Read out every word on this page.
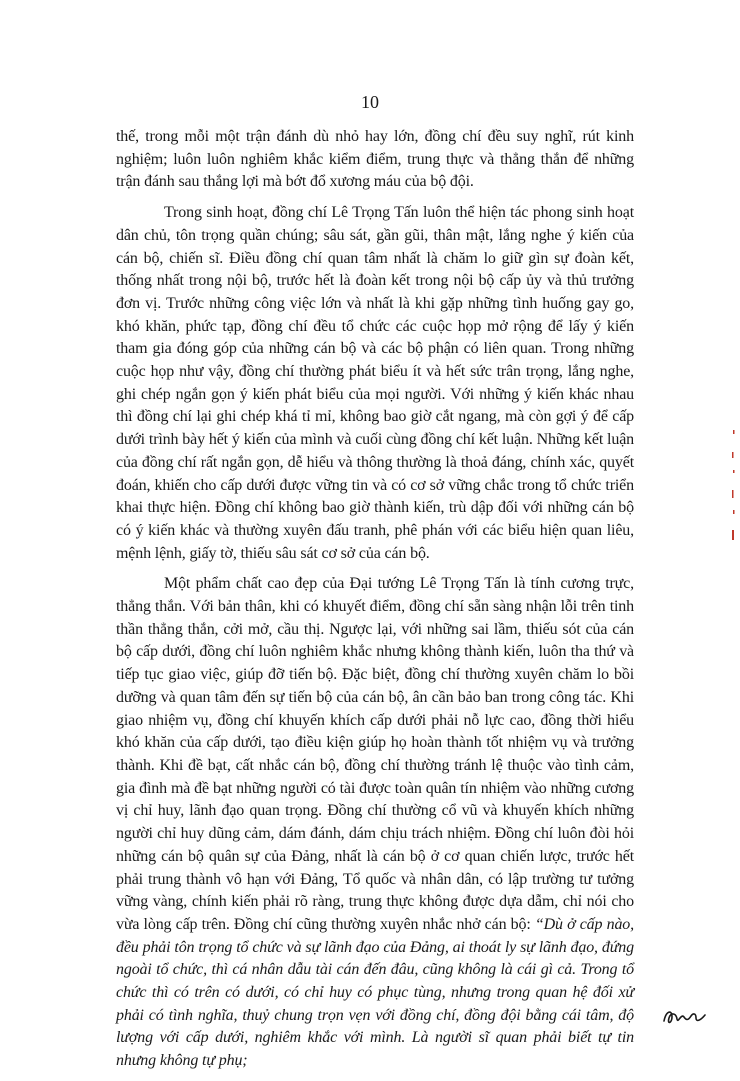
10

thế, trong mỗi một trận đánh dù nhỏ hay lớn, đồng chí đều suy nghĩ, rút kinh nghiệm; luôn luôn nghiêm khắc kiểm điểm, trung thực và thẳng thắn để những trận đánh sau thắng lợi mà bớt đổ xương máu của bộ đội.

Trong sinh hoạt, đồng chí Lê Trọng Tấn luôn thể hiện tác phong sinh hoạt dân chủ, tôn trọng quần chúng; sâu sát, gần gũi, thân mật, lắng nghe ý kiến của cán bộ, chiến sĩ. Điều đồng chí quan tâm nhất là chăm lo giữ gìn sự đoàn kết, thống nhất trong nội bộ, trước hết là đoàn kết trong nội bộ cấp ủy và thủ trưởng đơn vị. Trước những công việc lớn và nhất là khi gặp những tình huống gay go, khó khăn, phức tạp, đồng chí đều tổ chức các cuộc họp mở rộng để lấy ý kiến tham gia đóng góp của những cán bộ và các bộ phận có liên quan. Trong những cuộc họp như vậy, đồng chí thường phát biểu ít và hết sức trân trọng, lắng nghe, ghi chép ngắn gọn ý kiến phát biểu của mọi người. Với những ý kiến khác nhau thì đồng chí lại ghi chép khá tỉ mỉ, không bao giờ cắt ngang, mà còn gợi ý để cấp dưới trình bày hết ý kiến của mình và cuối cùng đồng chí kết luận. Những kết luận của đồng chí rất ngắn gọn, dễ hiểu và thông thường là thoả đáng, chính xác, quyết đoán, khiến cho cấp dưới được vững tin và có cơ sở vững chắc trong tổ chức triển khai thực hiện. Đồng chí không bao giờ thành kiến, trù dập đối với những cán bộ có ý kiến khác và thường xuyên đấu tranh, phê phán với các biểu hiện quan liêu, mệnh lệnh, giấy tờ, thiếu sâu sát cơ sở của cán bộ.

Một phẩm chất cao đẹp của Đại tướng Lê Trọng Tấn là tính cương trực, thẳng thắn. Với bản thân, khi có khuyết điểm, đồng chí sẵn sàng nhận lỗi trên tinh thần thẳng thắn, cởi mở, cầu thị. Ngược lại, với những sai lầm, thiếu sót của cán bộ cấp dưới, đồng chí luôn nghiêm khắc nhưng không thành kiến, luôn tha thứ và tiếp tục giao việc, giúp đỡ tiến bộ. Đặc biệt, đồng chí thường xuyên chăm lo bồi dưỡng và quan tâm đến sự tiến bộ của cán bộ, ân cần bảo ban trong công tác. Khi giao nhiệm vụ, đồng chí khuyến khích cấp dưới phải nỗ lực cao, đồng thời hiểu khó khăn của cấp dưới, tạo điều kiện giúp họ hoàn thành tốt nhiệm vụ và trưởng thành. Khi đề bạt, cất nhắc cán bộ, đồng chí thường tránh lệ thuộc vào tình cảm, gia đình mà đề bạt những người có tài được toàn quân tín nhiệm vào những cương vị chỉ huy, lãnh đạo quan trọng. Đồng chí thường cổ vũ và khuyến khích những người chỉ huy dũng cảm, dám đánh, dám chịu trách nhiệm. Đồng chí luôn đòi hỏi những cán bộ quân sự của Đảng, nhất là cán bộ ở cơ quan chiến lược, trước hết phải trung thành vô hạn với Đảng, Tổ quốc và nhân dân, có lập trường tư tưởng vững vàng, chính kiến phải rõ ràng, trung thực không được dựa dẫm, chỉ nói cho vừa lòng cấp trên. Đồng chí cũng thường xuyên nhắc nhở cán bộ: “Dù ở cấp nào, đều phải tôn trọng tổ chức và sự lãnh đạo của Đảng, ai thoát ly sự lãnh đạo, đứng ngoài tổ chức, thì cá nhân dẫu tài cán đến đâu, cũng không là cái gì cả. Trong tổ chức thì có trên có dưới, có chỉ huy có phục tùng, nhưng trong quan hệ đối xử phải có tình nghĩa, thuỷ chung trọn vẹn với đồng chí, đồng đội bằng cái tâm, độ lượng với cấp dưới, nghiêm khắc với mình. Là người sĩ quan phải biết tự tin nhưng không tự phụ;
